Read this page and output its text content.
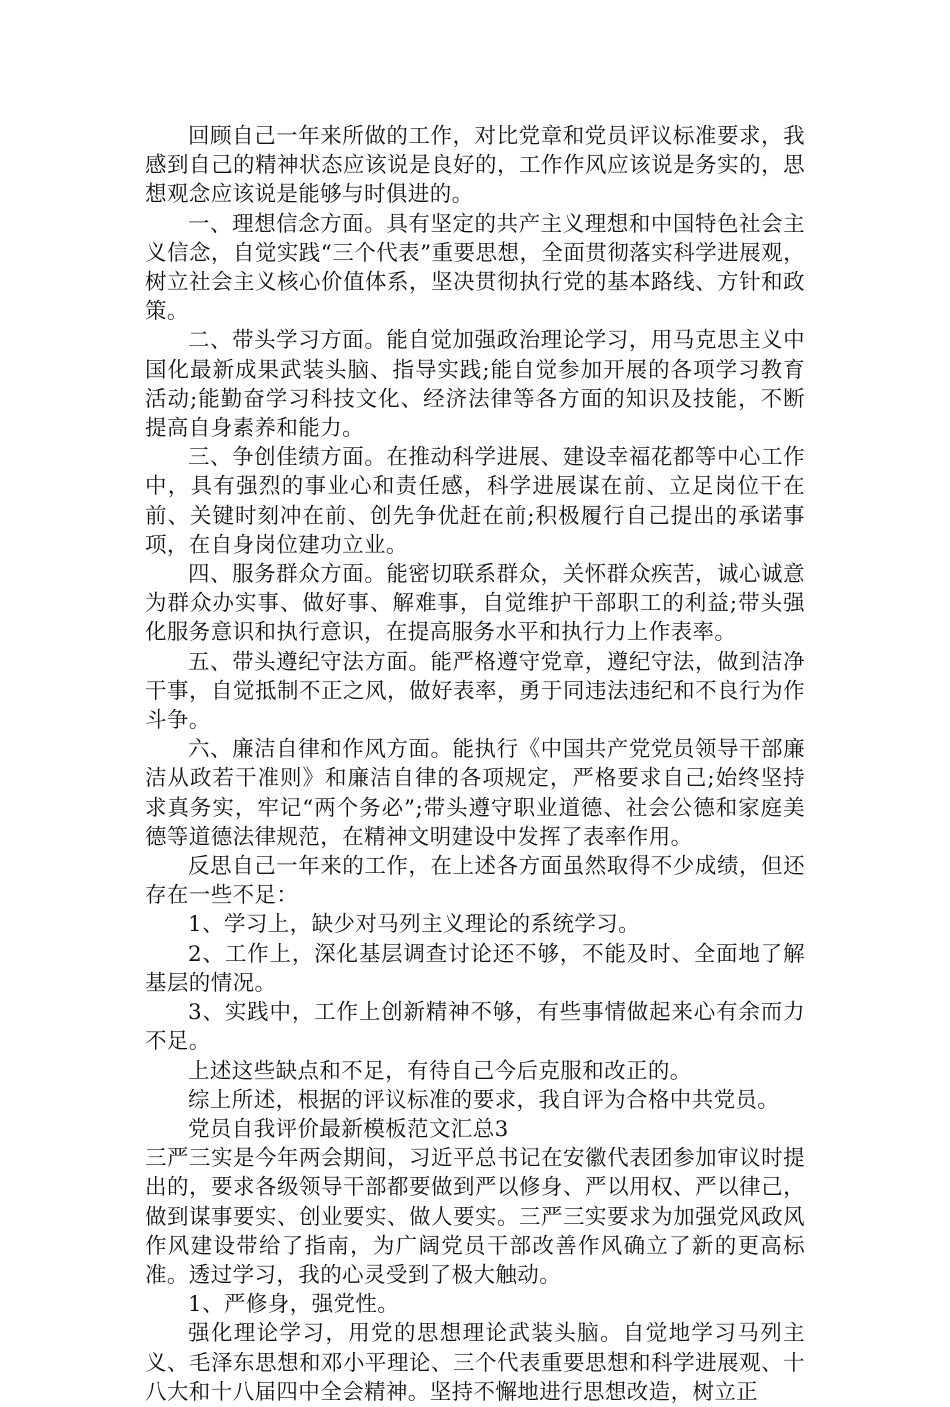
回顾自己一年来所做的工作，对比党章和党员评议标准要求，我感到自己的精神状态应该说是良好的，工作作风应该说是务实的，思想观念应该说是能够与时俱进的。

一、理想信念方面。具有坚定的共产主义理想和中国特色社会主义信念，自觉实践“三个代表”重要思想，全面贯彻落实科学进展观，树立社会主义核心价值体系，坚决贯彻执行党的基本路线、方针和政策。

二、带头学习方面。能自觉加强政治理论学习，用马克思主义中国化最新成果武装头脑、指导实践;能自觉参加开展的各项学习教育活动;能勤奋学习科技文化、经济法律等各方面的知识及技能，不断提高自身素养和能力。

三、争创佳绩方面。在推动科学进展、建设幸福花都等中心工作中，具有强烈的事业心和责任感，科学进展谋在前、立足岗位干在前、关键时刻冲在前、创先争优赶在前;积极履行自己提出的承诺事项，在自身岗位建功立业。

四、服务群众方面。能密切联系群众，关怀群众疾苦，诚心诚意为群众办实事、做好事、解难事，自觉维护干部职工的利益;带头强化服务意识和执行意识，在提高服务水平和执行力上作表率。

五、带头遵纪守法方面。能严格遵守党章，遵纪守法，做到洁净干事，自觉抵制不正之风，做好表率，勇于同违法违纪和不良行为作斗争。

六、廉洁自律和作风方面。能执行《中国共产党党员领导干部廉洁从政若干准则》和廉洁自律的各项规定，严格要求自己;始终坚持求真务实，牢记“两个务必”;带头遵守职业道德、社会公德和家庭美德等道德法律规范，在精神文明建设中发挥了表率作用。

反思自己一年来的工作，在上述各方面虽然取得不少成绩，但还存在一些不足：

1、学习上，缺少对马列主义理论的系统学习。

2、工作上，深化基层调查讨论还不够，不能及时、全面地了解基层的情况。

3、实践中，工作上创新精神不够，有些事情做起来心有余而力不足。

上述这些缺点和不足，有待自己今后克服和改正的。

综上所述，根据的评议标准的要求，我自评为合格中共党员。

党员自我评价最新模板范文汇总3

三严三实是今年两会期间，习近平总书记在安徽代表团参加审议时提出的，要求各级领导干部都要做到严以修身、严以用权、严以律己，做到谋事要实、创业要实、做人要实。三严三实要求为加强党风政风作风建设带给了指南，为广阔党员干部改善作风确立了新的更高标准。透过学习，我的心灵受到了极大触动。

1、严修身，强党性。

强化理论学习，用党的思想理论武装头脑。自觉地学习马列主义、毛泽东思想和邓小平理论、三个代表重要思想和科学进展观、十八大和十八届四中全会精神。坚持不懈地进行思想改造，树立正
